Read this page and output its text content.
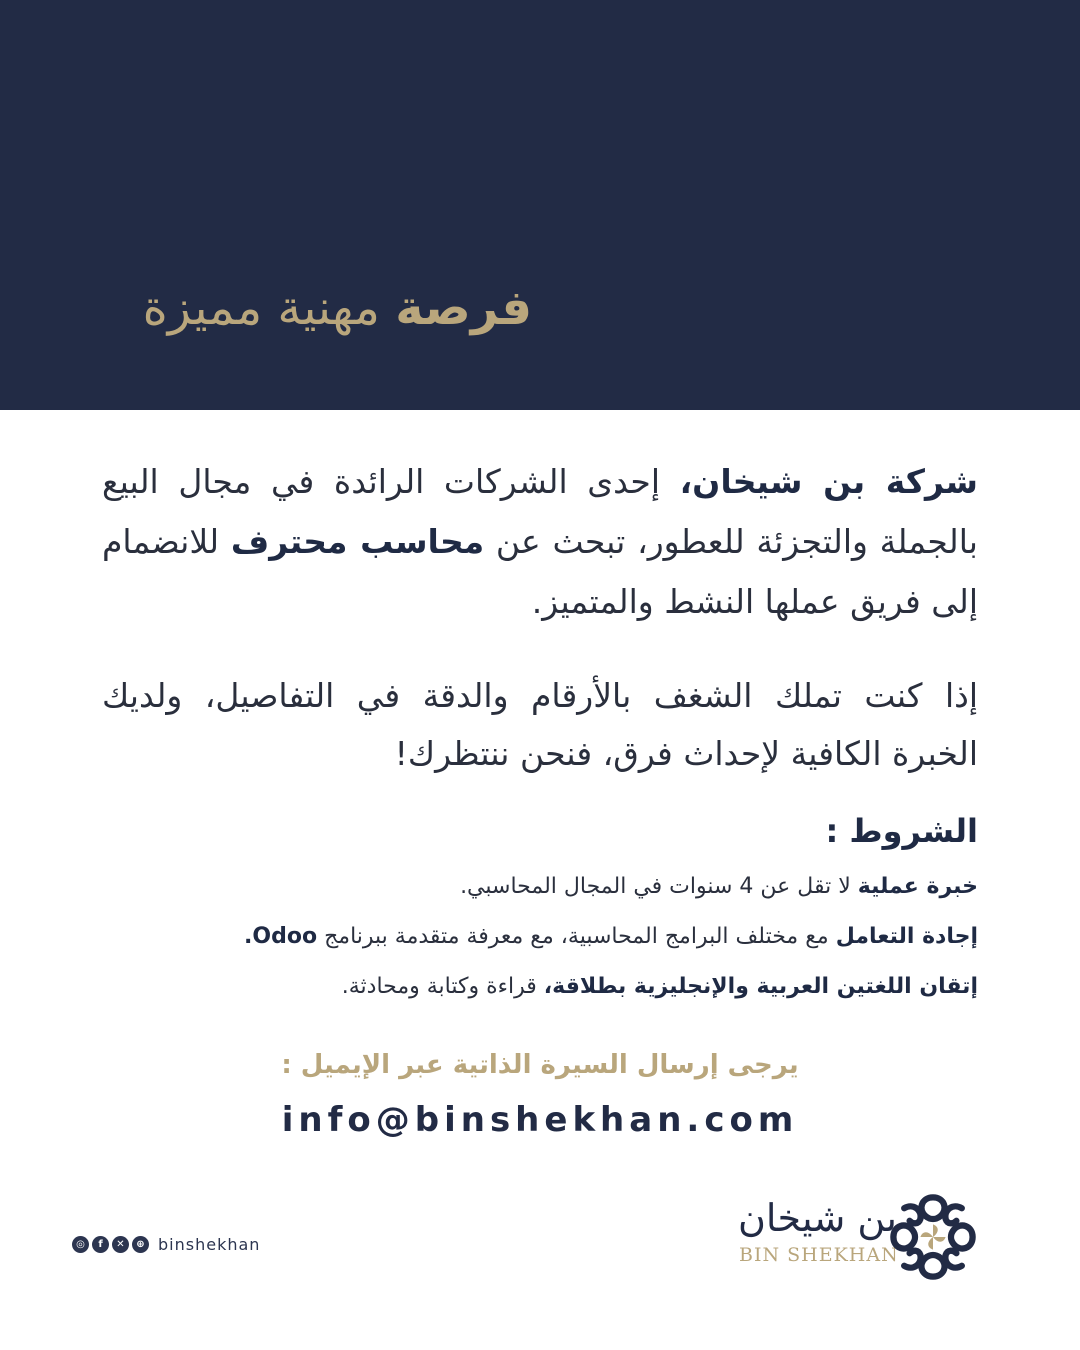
فرصة مهنية مميزة
شركة بن شيخان، إحدى الشركات الرائدة في مجال البيع بالجملة والتجزئة للعطور، تبحث عن محاسب محترف للانضمام إلى فريق عملها النشط والمتميز.
إذا كنت تملك الشغف بالأرقام والدقة في التفاصيل، ولديك الخبرة الكافية لإحداث فرق، فنحن ننتظرك!
الشروط :
خبرة عملية لا تقل عن 4 سنوات في المجال المحاسبي.
إجادة التعامل مع مختلف البرامج المحاسبية، مع معرفة متقدمة ببرنامج Odoo.
إتقان اللغتين العربية والإنجليزية بطلاقة، قراءة وكتابة ومحادثة.
يرجى إرسال السيرة الذاتية عبر الإيميل :
info@binshekhan.com
◎	f	✕	⊕ binshekhan
بن شيخان
BIN SHEKHAN
